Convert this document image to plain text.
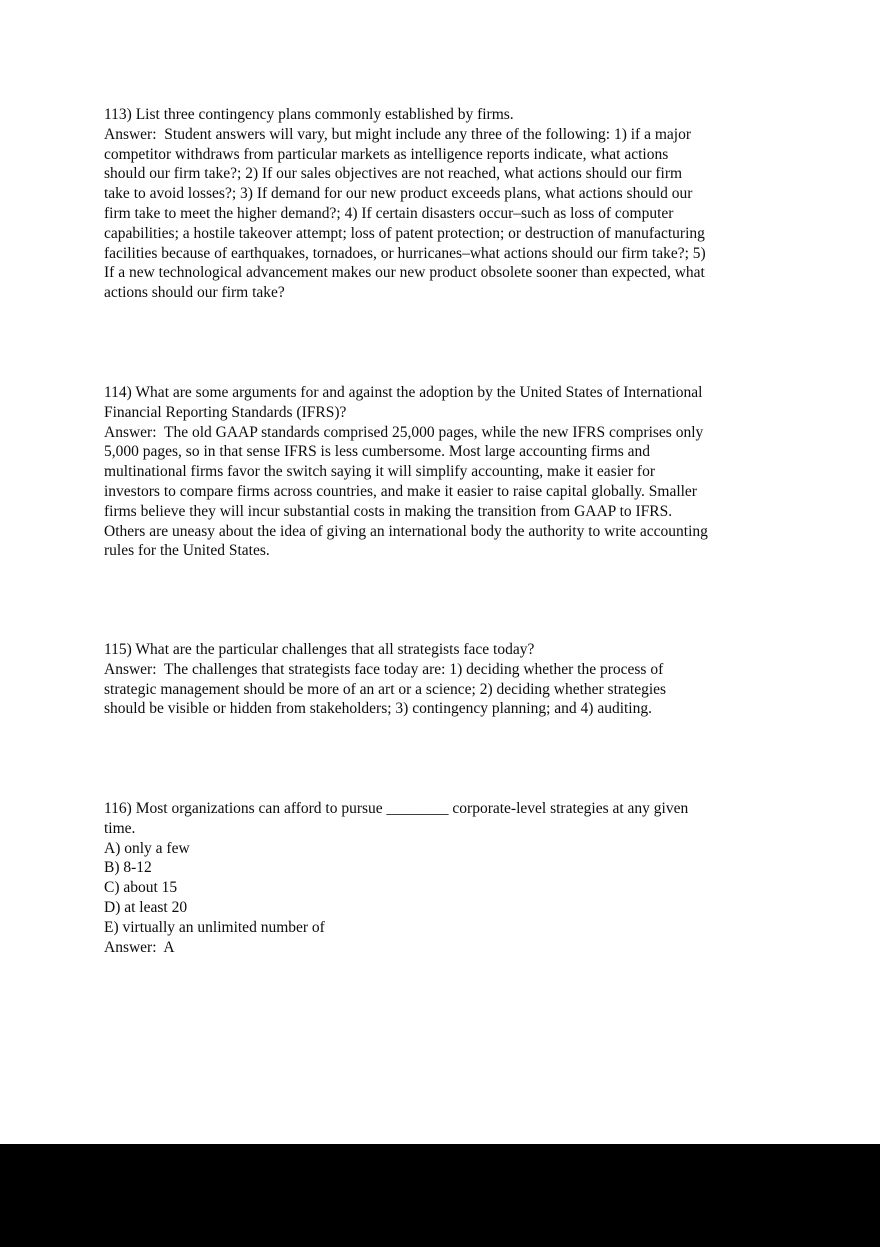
113) List three contingency plans commonly established by firms.
Answer:  Student answers will vary, but might include any three of the following: 1) if a major
competitor withdraws from particular markets as intelligence reports indicate, what actions
should our firm take?; 2) If our sales objectives are not reached, what actions should our firm
take to avoid losses?; 3) If demand for our new product exceeds plans, what actions should our
firm take to meet the higher demand?; 4) If certain disasters occur–such as loss of computer
capabilities; a hostile takeover attempt; loss of patent protection; or destruction of manufacturing
facilities because of earthquakes, tornadoes, or hurricanes–what actions should our firm take?; 5)
If a new technological advancement makes our new product obsolete sooner than expected, what
actions should our firm take?
114) What are some arguments for and against the adoption by the United States of International
Financial Reporting Standards (IFRS)?
Answer:  The old GAAP standards comprised 25,000 pages, while the new IFRS comprises only
5,000 pages, so in that sense IFRS is less cumbersome. Most large accounting firms and
multinational firms favor the switch saying it will simplify accounting, make it easier for
investors to compare firms across countries, and make it easier to raise capital globally. Smaller
firms believe they will incur substantial costs in making the transition from GAAP to IFRS.
Others are uneasy about the idea of giving an international body the authority to write accounting
rules for the United States.
115) What are the particular challenges that all strategists face today?
Answer:  The challenges that strategists face today are: 1) deciding whether the process of
strategic management should be more of an art or a science; 2) deciding whether strategies
should be visible or hidden from stakeholders; 3) contingency planning; and 4) auditing.
116) Most organizations can afford to pursue ________ corporate-level strategies at any given
time.
A) only a few
B) 8-12
C) about 15
D) at least 20
E) virtually an unlimited number of
Answer:  A
